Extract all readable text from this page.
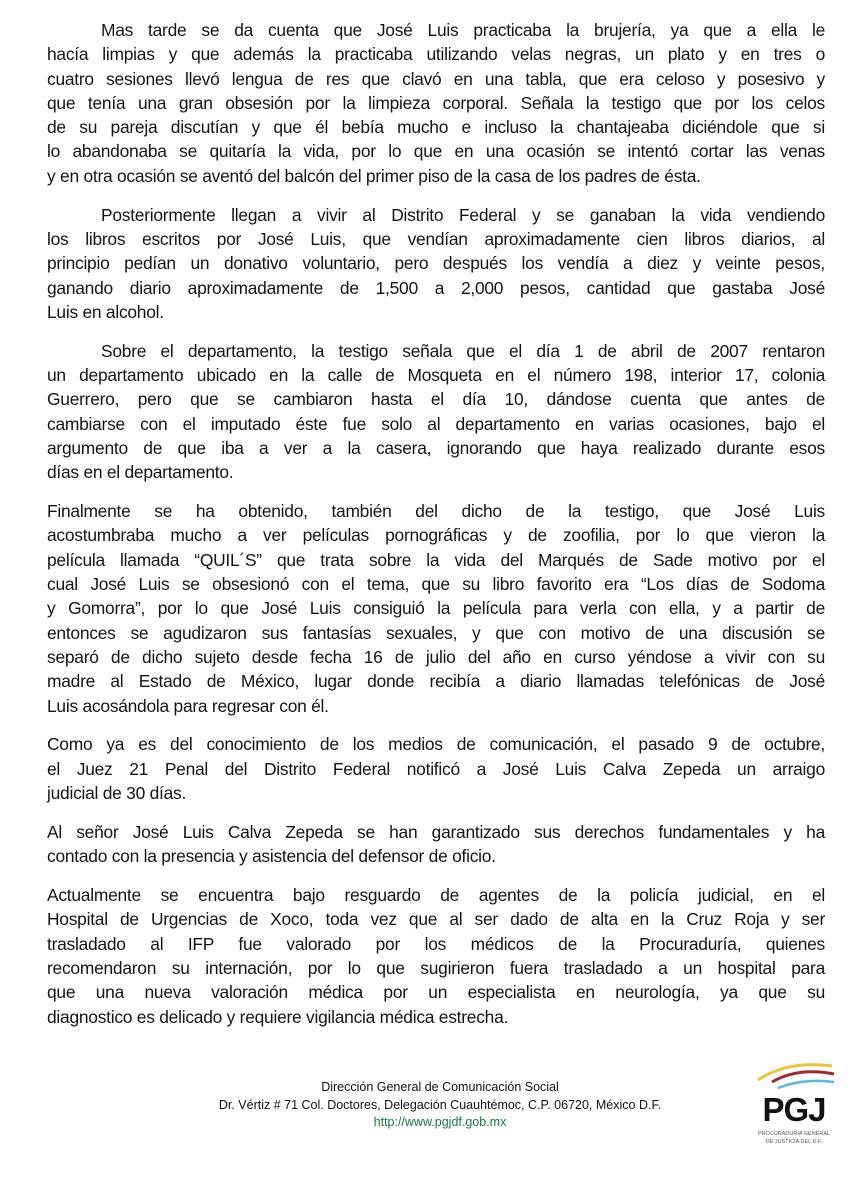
Mas tarde se da cuenta que José Luis practicaba la brujería, ya que a ella le
hacía limpias y que además la practicaba utilizando velas negras, un plato y en tres o
cuatro sesiones llevó lengua de res que clavó en una tabla, que era celoso y posesivo y
que tenía una gran obsesión por la limpieza corporal. Señala la testigo que por los celos
de su pareja discutían y que él bebía mucho e incluso la chantajeaba diciéndole que si
lo abandonaba se quitaría la vida, por lo que en una ocasión se intentó cortar las venas
y en otra ocasión se aventó del balcón del primer piso de la casa de los padres de ésta.
Posteriormente llegan a vivir al Distrito Federal y se ganaban la vida vendiendo
los libros escritos por José Luis, que vendían aproximadamente cien libros diarios, al
principio pedían un donativo voluntario, pero después los vendía a diez y veinte pesos,
ganando diario aproximadamente de 1,500 a 2,000 pesos, cantidad que gastaba José
Luis en alcohol.
Sobre el departamento, la testigo señala que el día 1 de abril de 2007 rentaron
un departamento ubicado en la calle de Mosqueta en el número 198, interior 17, colonia
Guerrero, pero que se cambiaron hasta el día 10, dándose cuenta que antes de
cambiarse con el imputado éste fue solo al departamento en varias ocasiones, bajo el
argumento de que iba a ver a la casera, ignorando que haya realizado durante esos
días en el departamento.
Finalmente se ha obtenido, también del dicho de la testigo, que José Luis
acostumbraba mucho a ver películas pornográficas y de zoofilia, por lo que vieron la
película llamada “QUIL´S” que trata sobre la vida del Marqués de Sade motivo por el
cual José Luis se obsesionó con el tema, que su libro favorito era “Los días de Sodoma
y Gomorra”, por lo que José Luis consiguió la película para verla con ella, y a partir de
entonces se agudizaron sus fantasías sexuales, y que con motivo de una discusión se
separó de dicho sujeto desde fecha 16 de julio del año en curso yéndose a vivir con su
madre al Estado de México, lugar donde recibía a diario llamadas telefónicas de José
Luis acosándola para regresar con él.
Como ya es del conocimiento de los medios de comunicación, el pasado 9 de octubre,
el Juez 21 Penal del Distrito Federal notificó a José Luis Calva Zepeda un arraigo
judicial de 30 días.
Al señor José Luis Calva Zepeda se han garantizado sus derechos fundamentales y ha
contado con la presencia y asistencia del defensor de oficio.
Actualmente se encuentra bajo resguardo de agentes de la policía judicial, en el
Hospital de Urgencias de Xoco, toda vez que al ser dado de alta en la Cruz Roja y ser
trasladado al IFP fue valorado por los médicos de la Procuraduría, quienes
recomendaron su internación, por lo que sugirieron fuera trasladado a un hospital para
que una nueva valoración médica por un especialista en neurología, ya que su
diagnostico es delicado y requiere vigilancia médica estrecha.
Dirección General de Comunicación Social
Dr. Vértiz # 71 Col. Doctores, Delegación Cuauhtémoc, C.P. 06720, México D.F.
http://www.pgjdf.gob.mx	PGJ
PROCURADURÍA GENERAL
DE JUSTICIA DEL D.F.
